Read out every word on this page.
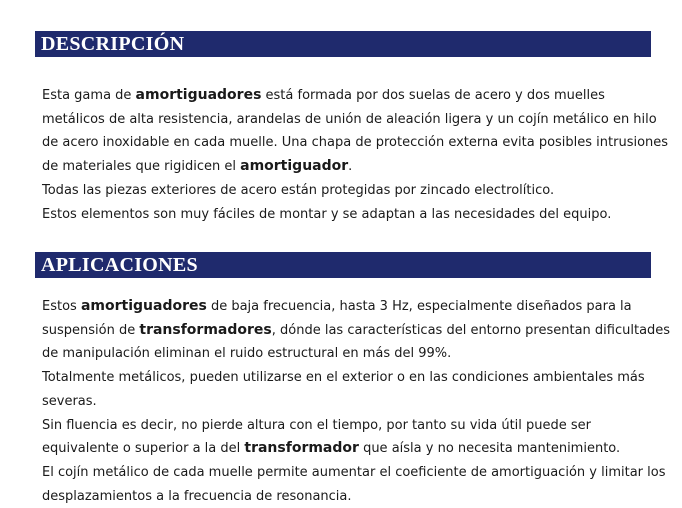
DESCRIPCIÓN
Esta gama de amortiguadores está formada por dos suelas de acero y dos muelles
metálicos de alta resistencia, arandelas de unión de aleación ligera y un cojín metálico en hilo
de acero inoxidable en cada muelle. Una chapa de protección externa evita posibles intrusiones
de materiales que rigidicen el amortiguador.
Todas las piezas exteriores de acero están protegidas por zincado electrolítico.
Estos elementos son muy fáciles de montar y se adaptan a las necesidades del equipo.
APLICACIONES
Estos amortiguadores de baja frecuencia, hasta 3 Hz, especialmente diseñados para la
suspensión de transformadores, dónde las características del entorno presentan dificultades
de manipulación eliminan el ruido estructural en más del 99%.
Totalmente metálicos, pueden utilizarse en el exterior o en las condiciones ambientales más
severas.
Sin fluencia es decir, no pierde altura con el tiempo, por tanto su vida útil puede ser
equivalente o superior a la del transformador que aísla y no necesita mantenimiento.
El cojín metálico de cada muelle permite aumentar el coeficiente de amortiguación y limitar los
desplazamientos a la frecuencia de resonancia.
